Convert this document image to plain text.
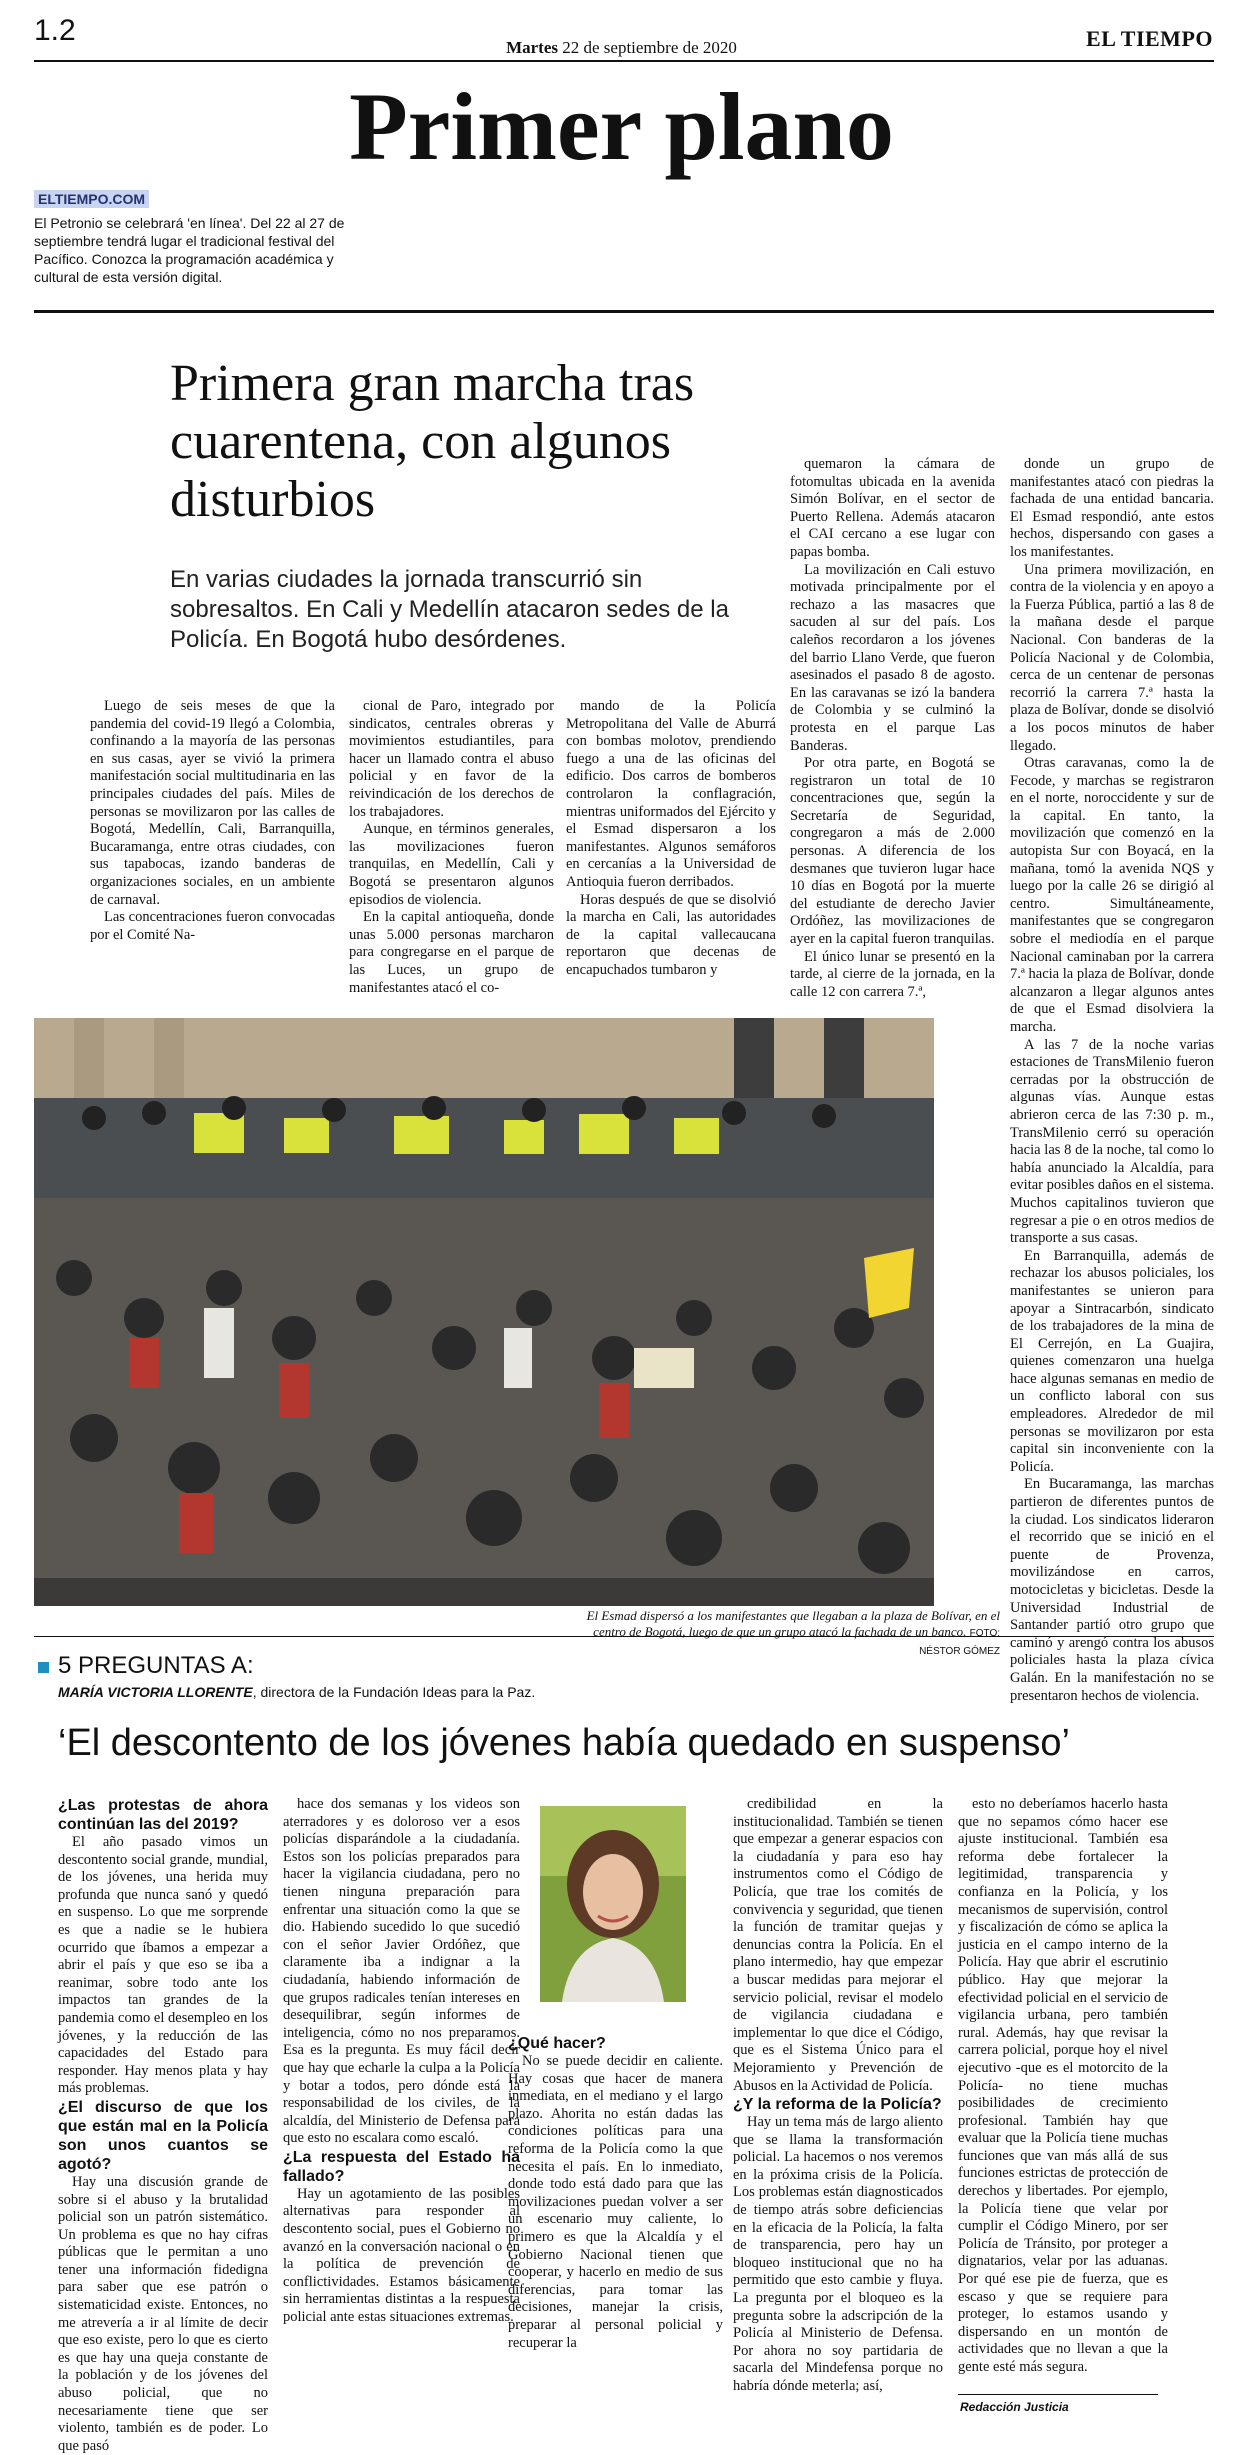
1.2
Martes 22 de septiembre de 2020	EL TIEMPO
Primer plano
ELTIEMPO.COM
El Petronio se celebrará 'en línea'. Del 22 al 27 de septiembre tendrá lugar el tradicional festival del Pacífico. Conozca la programación académica y cultural de esta versión digital.
Primera gran marcha tras cuarentena, con algunos disturbios
En varias ciudades la jornada transcurrió sin sobresaltos. En Cali y Medellín atacaron sedes de la Policía. En Bogotá hubo desórdenes.

Luego de seis meses de que la pandemia del covid-19 llegó a Colombia, confinando a la mayoría de las personas en sus casas, ayer se vivió la primera manifestación social multitudinaria en las principales ciudades del país. Miles de personas se movilizaron por las calles de Bogotá, Medellín, Cali, Barranquilla, Bucaramanga, entre otras ciudades, con sus tapabocas, izando banderas de organizaciones sociales, en un ambiente de carnaval.

Las concentraciones fueron convocadas por el Comité Na-

cional de Paro, integrado por sindicatos, centrales obreras y movimientos estudiantiles, para hacer un llamado contra el abuso policial y en favor de la reivindicación de los derechos de los trabajadores.

Aunque, en términos generales, las movilizaciones fueron tranquilas, en Medellín, Cali y Bogotá se presentaron algunos episodios de violencia.

En la capital antioqueña, donde unas 5.000 personas marcharon para congregarse en el parque de las Luces, un grupo de manifestantes atacó el co-

mando de la Policía Metropolitana del Valle de Aburrá con bombas molotov, prendiendo fuego a una de las oficinas del edificio. Dos carros de bomberos controlaron la conflagración, mientras uniformados del Ejército y el Esmad dispersaron a los manifestantes. Algunos semáforos en cercanías a la Universidad de Antioquia fueron derribados.

Horas después de que se disolvió la marcha en Cali, las autoridades de la capital vallecaucana reportaron que decenas de encapuchados tumbaron y

quemaron la cámara de fotomultas ubicada en la avenida Simón Bolívar, en el sector de Puerto Rellena. Además atacaron el CAI cercano a ese lugar con papas bomba.

La movilización en Cali estuvo motivada principalmente por el rechazo a las masacres que sacuden al sur del país. Los caleños recordaron a los jóvenes del barrio Llano Verde, que fueron asesinados el pasado 8 de agosto. En las caravanas se izó la bandera de Colombia y se culminó la protesta en el parque Las Banderas.

Por otra parte, en Bogotá se registraron un total de 10 concentraciones que, según la Secretaría de Seguridad, congregaron a más de 2.000 personas. A diferencia de los desmanes que tuvieron lugar hace 10 días en Bogotá por la muerte del estudiante de derecho Javier Ordóñez, las movilizaciones de ayer en la capital fueron tranquilas.

El único lunar se presentó en la tarde, al cierre de la jornada, en la calle 12 con carrera 7.ª,

donde un grupo de manifestantes atacó con piedras la fachada de una entidad bancaria. El Esmad respondió, ante estos hechos, dispersando con gases a los manifestantes.

Una primera movilización, en contra de la violencia y en apoyo a la Fuerza Pública, partió a las 8 de la mañana desde el parque Nacional. Con banderas de la Policía Nacional y de Colombia, cerca de un centenar de personas recorrió la carrera 7.ª hasta la plaza de Bolívar, donde se disolvió a los pocos minutos de haber llegado.

Otras caravanas, como la de Fecode, y marchas se registraron en el norte, noroccidente y sur de la capital. En tanto, la movilización que comenzó en la autopista Sur con Boyacá, en la mañana, tomó la avenida NQS y luego por la calle 26 se dirigió al centro. Simultáneamente, manifestantes que se congregaron sobre el mediodía en el parque Nacional caminaban por la carrera 7.ª hacia la plaza de Bolívar, donde alcanzaron a llegar algunos antes de que el Esmad disolviera la marcha.

A las 7 de la noche varias estaciones de TransMilenio fueron cerradas por la obstrucción de algunas vías. Aunque estas abrieron cerca de las 7:30 p. m., TransMilenio cerró su operación hacia las 8 de la noche, tal como lo había anunciado la Alcaldía, para evitar posibles daños en el sistema. Muchos capitalinos tuvieron que regresar a pie o en otros medios de transporte a sus casas.

En Barranquilla, además de rechazar los abusos policiales, los manifestantes se unieron para apoyar a Sintracarbón, sindicato de los trabajadores de la mina de El Cerrejón, en La Guajira, quienes comenzaron una huelga hace algunas semanas en medio de un conflicto laboral con sus empleadores. Alrededor de mil personas se movilizaron por esta capital sin inconveniente con la Policía.

En Bucaramanga, las marchas partieron de diferentes puntos de la ciudad. Los sindicatos lideraron el recorrido que se inició en el puente de Provenza, movilizándose en carros, motocicletas y bicicletas. Desde la Universidad Industrial de Santander partió otro grupo que caminó y arengó contra los abusos policiales hasta la plaza cívica Galán. En la manifestación no se presentaron hechos de violencia.

El Esmad dispersó a los manifestantes que llegaban a la plaza de Bolívar, en el centro de Bogotá, luego de que un grupo atacó la fachada de un banco. FOTO: NÉSTOR GÓMEZ
5 PREGUNTAS A:
MARÍA VICTORIA LLORENTE, directora de la Fundación Ideas para la Paz.
‘El descontento de los jóvenes había quedado en suspenso’

¿Las protestas de ahora continúan las del 2019?

El año pasado vimos un descontento social grande, mundial, de los jóvenes, una herida muy profunda que nunca sanó y quedó en suspenso. Lo que me sorprende es que a nadie se le hubiera ocurrido que íbamos a empezar a abrir el país y que eso se iba a reanimar, sobre todo ante los impactos tan grandes de la pandemia como el desempleo en los jóvenes, y la reducción de las capacidades del Estado para responder. Hay menos plata y hay más problemas.

¿El discurso de que los que están mal en la Policía son unos cuantos se agotó?

Hay una discusión grande de sobre si el abuso y la brutalidad policial son un patrón sistemático. Un problema es que no hay cifras públicas que le permitan a uno tener una información fidedigna para saber que ese patrón o sistematicidad existe. Entonces, no me atrevería a ir al límite de decir que eso existe, pero lo que es cierto es que hay una queja constante de la población y de los jóvenes del abuso policial, que no necesariamente tiene que ser violento, también es de poder. Lo que pasó

hace dos semanas y los videos son aterradores y es doloroso ver a esos policías disparándole a la ciudadanía. Estos son los policías preparados para hacer la vigilancia ciudadana, pero no tienen ninguna preparación para enfrentar una situación como la que se dio. Habiendo sucedido lo que sucedió con el señor Javier Ordóñez, que claramente iba a indignar a la ciudadanía, habiendo información de que grupos radicales tenían intereses en desequilibrar, según informes de inteligencia, cómo no nos preparamos. Esa es la pregunta. Es muy fácil decir que hay que echarle la culpa a la Policía y botar a todos, pero dónde está la responsabilidad de los civiles, de la alcaldía, del Ministerio de Defensa para que esto no escalara como escaló.

¿La respuesta del Estado ha fallado?

Hay un agotamiento de las posibles alternativas para responder al descontento social, pues el Gobierno no avanzó en la conversación nacional o en la política de prevención de conflictividades. Estamos básicamente sin herramientas distintas a la respuesta policial ante estas situaciones extremas.

¿Qué hacer?

No se puede decidir en caliente. Hay cosas que hacer de manera inmediata, en el mediano y el largo plazo. Ahorita no están dadas las condiciones políticas para una reforma de la Policía como la que necesita el país. En lo inmediato, donde todo está dado para que las movilizaciones puedan volver a ser un escenario muy caliente, lo primero es que la Alcaldía y el Gobierno Nacional tienen que cooperar, y hacerlo en medio de sus diferencias, para tomar las decisiones, manejar la crisis, preparar al personal policial y recuperar la

credibilidad en la institucionalidad. También se tienen que empezar a generar espacios con la ciudadanía y para eso hay instrumentos como el Código de Policía, que trae los comités de convivencia y seguridad, que tienen la función de tramitar quejas y denuncias contra la Policía. En el plano intermedio, hay que empezar a buscar medidas para mejorar el servicio policial, revisar el modelo de vigilancia ciudadana e implementar lo que dice el Código, que es el Sistema Único para el Mejoramiento y Prevención de Abusos en la Actividad de Policía.

¿Y la reforma de la Policía?

Hay un tema más de largo aliento que se llama la transformación policial. La hacemos o nos veremos en la próxima crisis de la Policía. Los problemas están diagnosticados de tiempo atrás sobre deficiencias en la eficacia de la Policía, la falta de transparencia, pero hay un bloqueo institucional que no ha permitido que esto cambie y fluya. La pregunta por el bloqueo es la pregunta sobre la adscripción de la Policía al Ministerio de Defensa. Por ahora no soy partidaria de sacarla del Mindefensa porque no habría dónde meterla; así,

esto no deberíamos hacerlo hasta que no sepamos cómo hacer ese ajuste institucional. También esa reforma debe fortalecer la legitimidad, transparencia y confianza en la Policía, y los mecanismos de supervisión, control y fiscalización de cómo se aplica la justicia en el campo interno de la Policía. Hay que abrir el escrutinio público. Hay que mejorar la efectividad policial en el servicio de vigilancia urbana, pero también rural. Además, hay que revisar la carrera policial, porque hoy el nivel ejecutivo -que es el motorcito de la Policía- no tiene muchas posibilidades de crecimiento profesional. También hay que evaluar que la Policía tiene muchas funciones que van más allá de sus funciones estrictas de protección de derechos y libertades. Por ejemplo, la Policía tiene que velar por cumplir el Código Minero, por ser Policía de Tránsito, por proteger a dignatarios, velar por las aduanas. Por qué ese pie de fuerza, que es escaso y que se requiere para proteger, lo estamos usando y dispersando en un montón de actividades que no llevan a que la gente esté más segura.

Redacción Justicia
